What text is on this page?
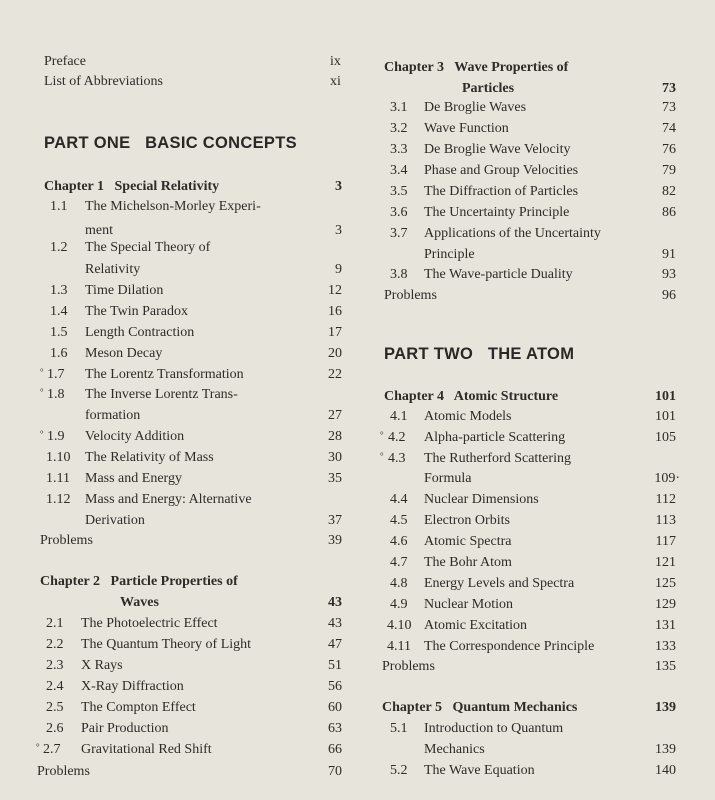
Preface	ix
List of Abbreviations	xi
PART ONE   BASIC CONCEPTS
Chapter 1   Special Relativity	3
1.1 The Michelson-Morley Experi-
ment	3
1.2 The Special Theory of
Relativity	9
1.3 Time Dilation	12
1.4 The Twin Paradox	16
1.5 Length Contraction	17
1.6 Meson Decay	20
° 1.7 The Lorentz Transformation	22
° 1.8 The Inverse Lorentz Trans-
formation	27
° 1.9 Velocity Addition	28
1.10 The Relativity of Mass	30
1.11 Mass and Energy	35
1.12 Mass and Energy: Alternative
Derivation	37
Problems	39
Chapter 2   Particle Properties of
Waves	43
2.1 The Photoelectric Effect	43
2.2 The Quantum Theory of Light	47
2.3 X Rays	51
2.4 X-Ray Diffraction	56
2.5 The Compton Effect	60
2.6 Pair Production	63
° 2.7 Gravitational Red Shift	66
Problems	70
Chapter 3   Wave Properties of
Particles	73
3.1 De Broglie Waves	73
3.2 Wave Function	74
3.3 De Broglie Wave Velocity	76
3.4 Phase and Group Velocities	79
3.5 The Diffraction of Particles	82
3.6 The Uncertainty Principle	86
3.7 Applications of the Uncertainty
Principle	91
3.8 The Wave-particle Duality	93
Problems	96
PART TWO   THE ATOM
Chapter 4   Atomic Structure	101
4.1 Atomic Models	101
° 4.2 Alpha-particle Scattering	105
° 4.3 The Rutherford Scattering
Formula	109·
4.4 Nuclear Dimensions	112
4.5 Electron Orbits	113
4.6 Atomic Spectra	117
4.7 The Bohr Atom	121
4.8 Energy Levels and Spectra	125
4.9 Nuclear Motion	129
4.10 Atomic Excitation	131
4.11 The Correspondence Principle	133
Problems	135
Chapter 5   Quantum Mechanics	139
5.1 Introduction to Quantum
Mechanics	139
5.2 The Wave Equation	140
